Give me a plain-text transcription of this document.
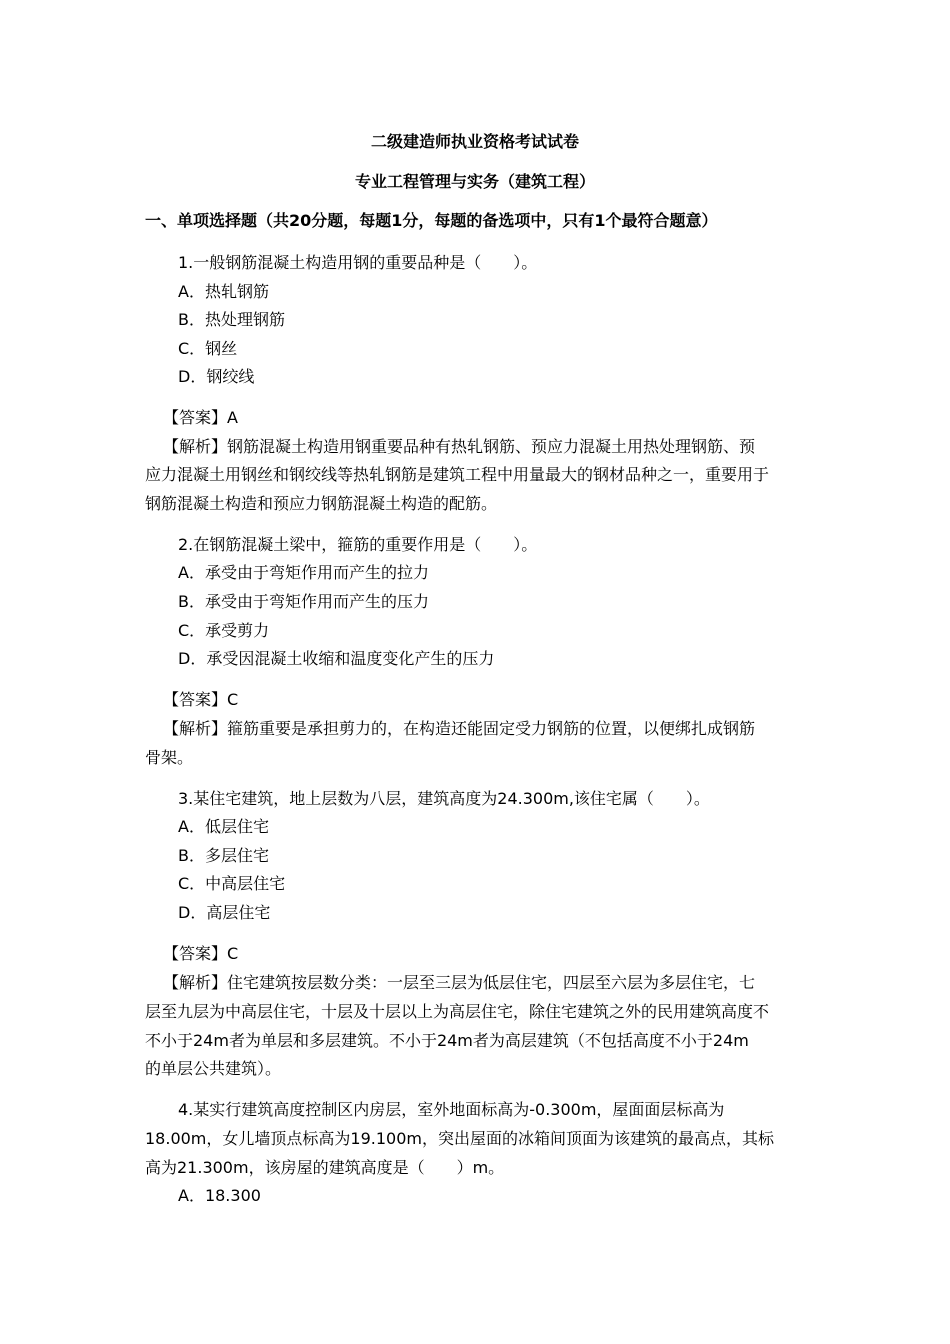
二级建造师执业资格考试试卷
专业工程管理与实务（建筑工程）
一、单项选择题（共20分题，每题1分，每题的备选项中，只有1个最符合题意）
1.一般钢筋混凝土构造用钢的重要品种是（　　）。
A．热轧钢筋
B．热处理钢筋
C．钢丝
D．钢绞线
【答案】A
【解析】钢筋混凝土构造用钢重要品种有热轧钢筋、预应力混凝土用热处理钢筋、预
应力混凝土用钢丝和钢绞线等热轧钢筋是建筑工程中用量最大的钢材品种之一，重要用于
钢筋混凝土构造和预应力钢筋混凝土构造的配筋。
2.在钢筋混凝土梁中，箍筋的重要作用是（　　）。
A．承受由于弯矩作用而产生的拉力
B．承受由于弯矩作用而产生的压力
C．承受剪力
D．承受因混凝土收缩和温度变化产生的压力
【答案】C
【解析】箍筋重要是承担剪力的，在构造还能固定受力钢筋的位置，以便绑扎成钢筋
骨架。
3.某住宅建筑，地上层数为八层，建筑高度为24.300m,该住宅属（　　）。
A．低层住宅
B．多层住宅
C．中高层住宅
D．高层住宅
【答案】C
【解析】住宅建筑按层数分类：一层至三层为低层住宅，四层至六层为多层住宅，七
层至九层为中高层住宅，十层及十层以上为高层住宅，除住宅建筑之外的民用建筑高度不
不小于24m者为单层和多层建筑。不小于24m者为高层建筑（不包括高度不小于24m
的单层公共建筑）。
4.某实行建筑高度控制区内房层，室外地面标高为-0.300m，屋面面层标高为
18.00m，女儿墙顶点标高为19.100m，突出屋面的冰箱间顶面为该建筑的最高点，其标
高为21.300m，该房屋的建筑高度是（　　）m。
A．18.300
